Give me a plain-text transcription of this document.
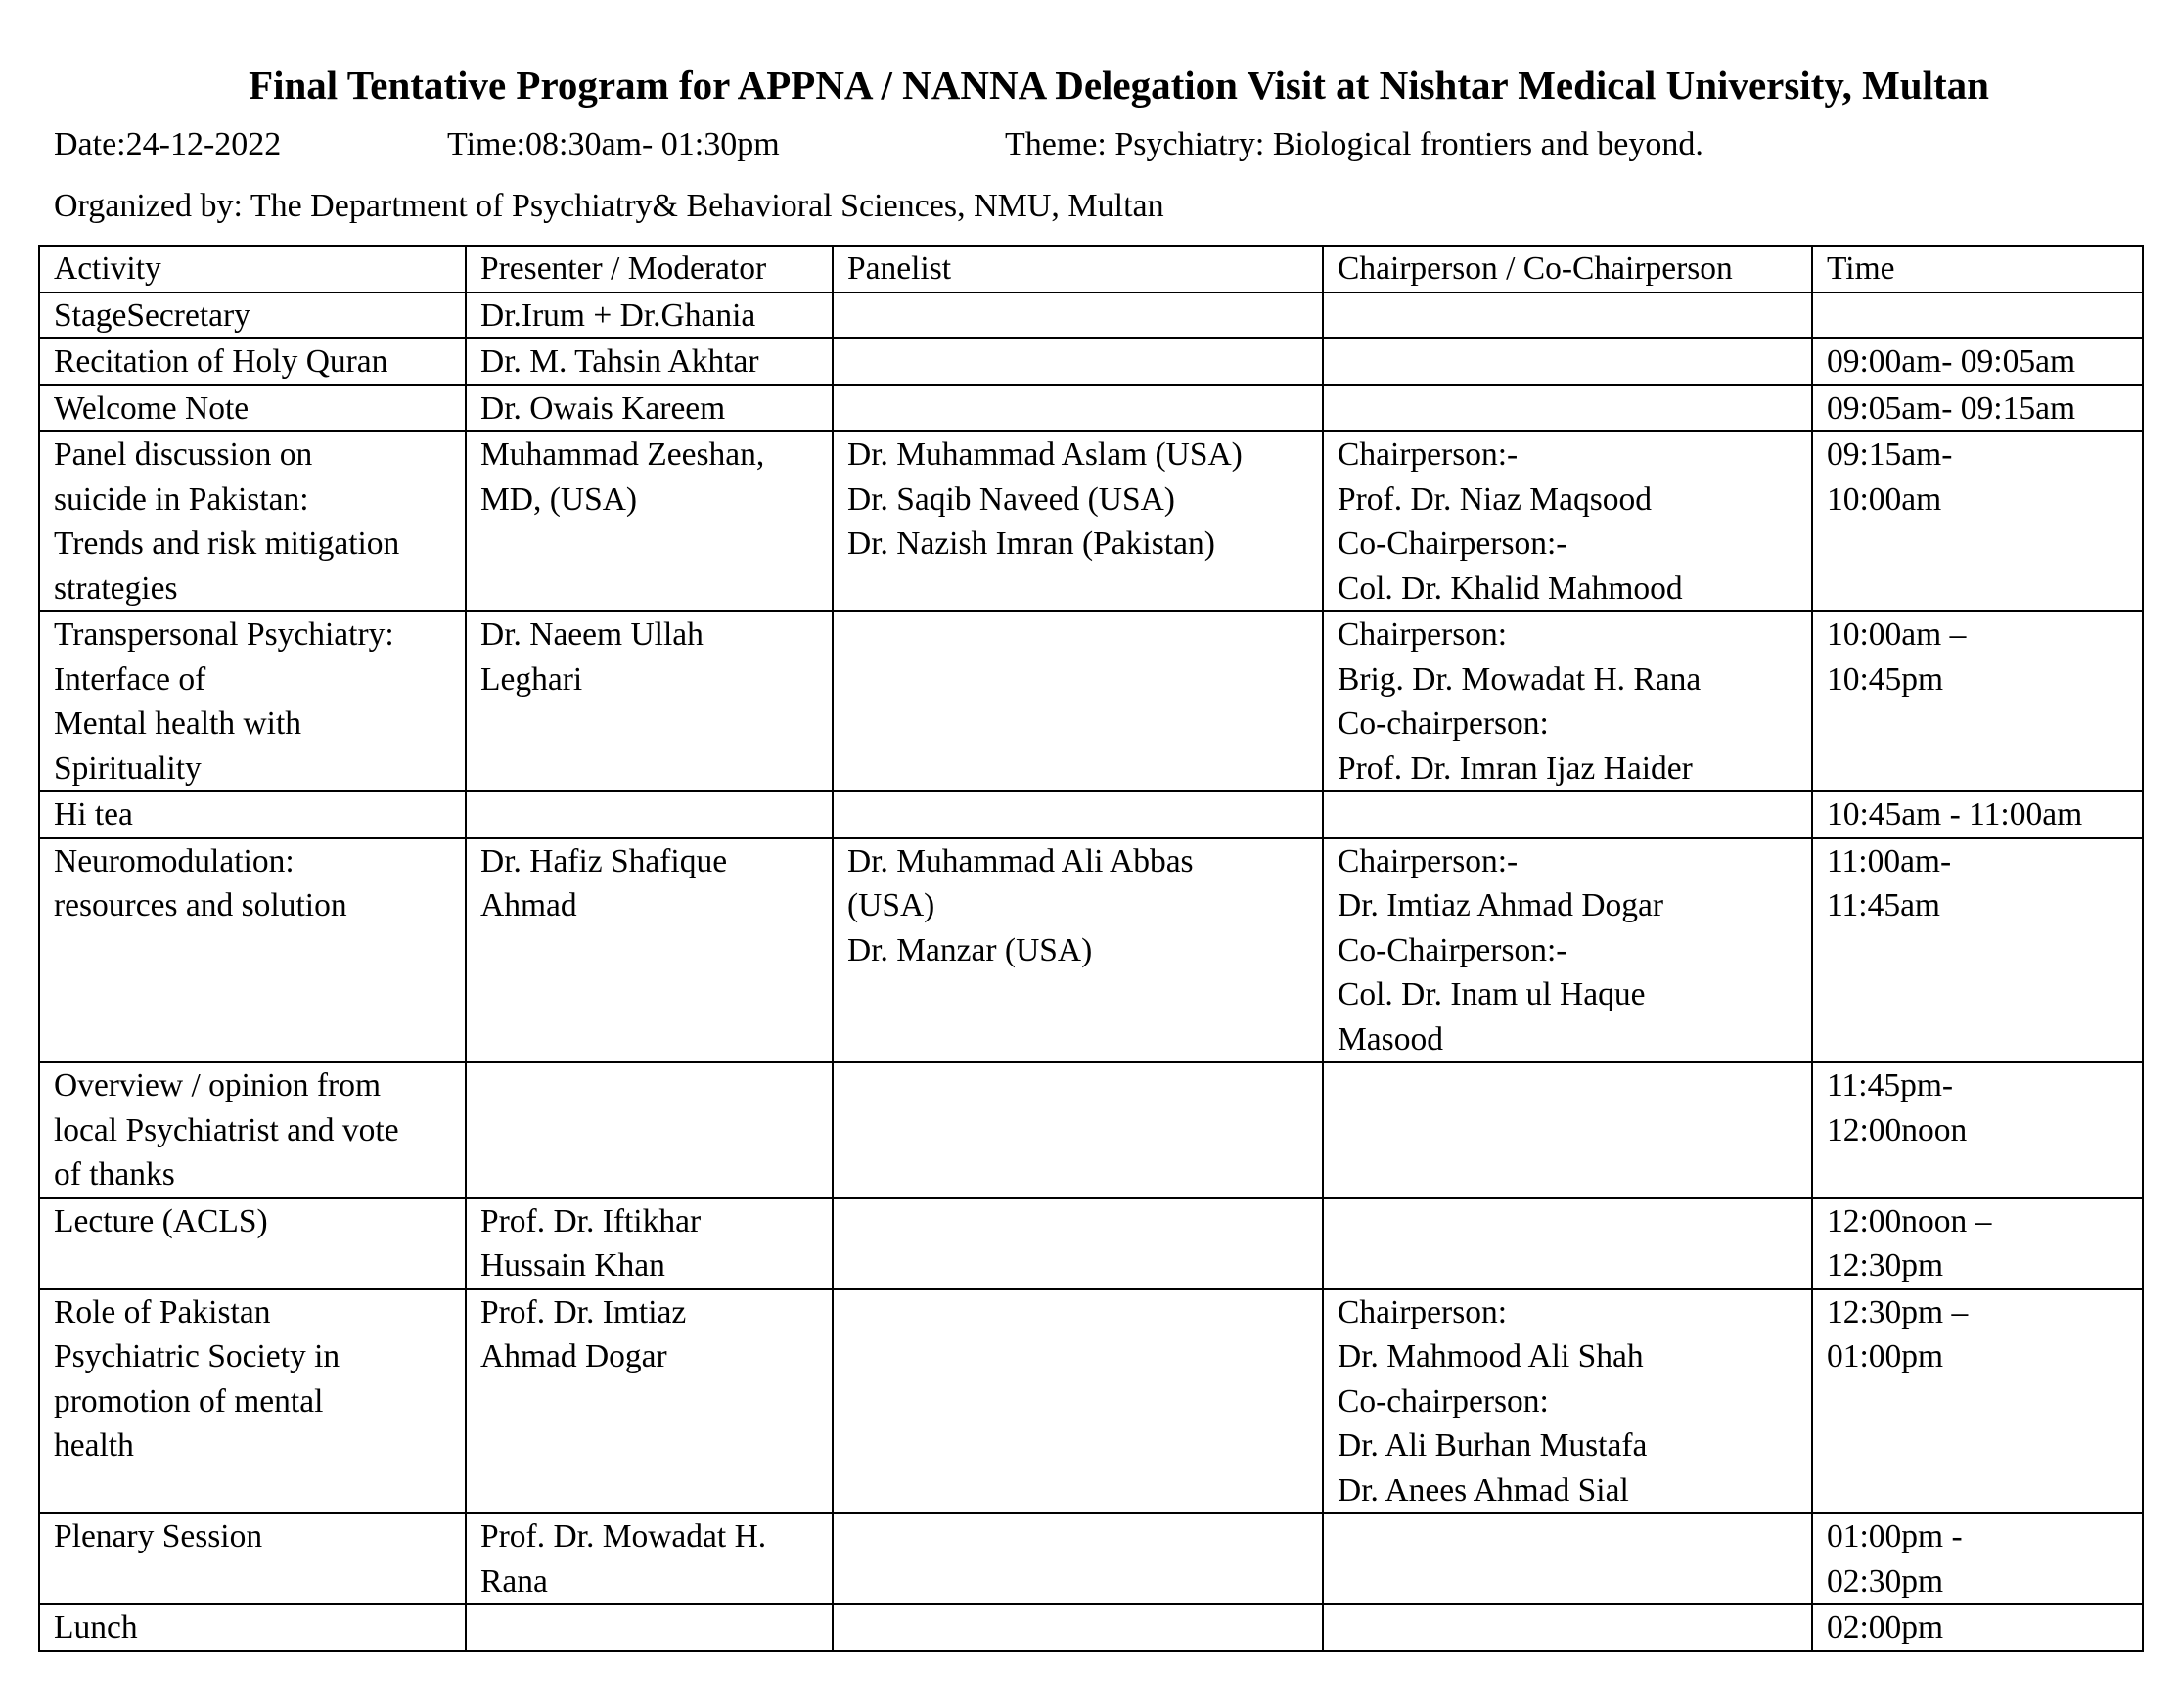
Final Tentative Program for APPNA / NANNA Delegation Visit at Nishtar Medical University, Multan
Date:24-12-2022	Time:08:30am- 01:30pm	Theme: Psychiatry: Biological frontiers and beyond.
Organized by: The Department of Psychiatry& Behavioral Sciences, NMU, Multan
Activity	Presenter / Moderator	Panelist	Chairperson / Co-Chairperson	Time

StageSecretary	Dr.Irum + Dr.Ghania			

Recitation of Holy Quran	Dr. M. Tahsin Akhtar			09:00am- 09:05am

Welcome Note	Dr. Owais Kareem			09:05am- 09:15am

Panel discussion on
suicide in Pakistan:
Trends and risk mitigation
strategies	Muhammad Zeeshan,
MD, (USA)	Dr. Muhammad Aslam (USA)
Dr. Saqib Naveed (USA)
Dr. Nazish Imran (Pakistan)	Chairperson:-
Prof. Dr. Niaz Maqsood
Co-Chairperson:-
Col. Dr. Khalid Mahmood	09:15am-
10:00am

Transpersonal Psychiatry:
Interface of
Mental health with
Spirituality	Dr. Naeem Ullah
Leghari		Chairperson:
Brig. Dr. Mowadat H. Rana
Co-chairperson:
Prof. Dr. Imran Ijaz Haider	10:00am –
10:45pm

Hi tea				10:45am - 11:00am

Neuromodulation:
resources and solution	Dr. Hafiz Shafique
Ahmad	Dr. Muhammad Ali Abbas
(USA)
Dr. Manzar (USA)	Chairperson:-
Dr. Imtiaz Ahmad Dogar
Co-Chairperson:-
Col. Dr. Inam ul Haque
Masood	11:00am-
11:45am

Overview / opinion from
local Psychiatrist and vote
of thanks				11:45pm-
12:00noon

Lecture (ACLS)	Prof. Dr. Iftikhar
Hussain Khan			12:00noon –
12:30pm

Role of Pakistan
Psychiatric Society in
promotion of mental
health	Prof. Dr. Imtiaz
Ahmad Dogar		Chairperson:
Dr. Mahmood Ali Shah
Co-chairperson:
Dr. Ali Burhan Mustafa
Dr. Anees Ahmad Sial	12:30pm –
01:00pm

Plenary Session	Prof. Dr. Mowadat H.
Rana			01:00pm -
02:30pm

Lunch				02:00pm
